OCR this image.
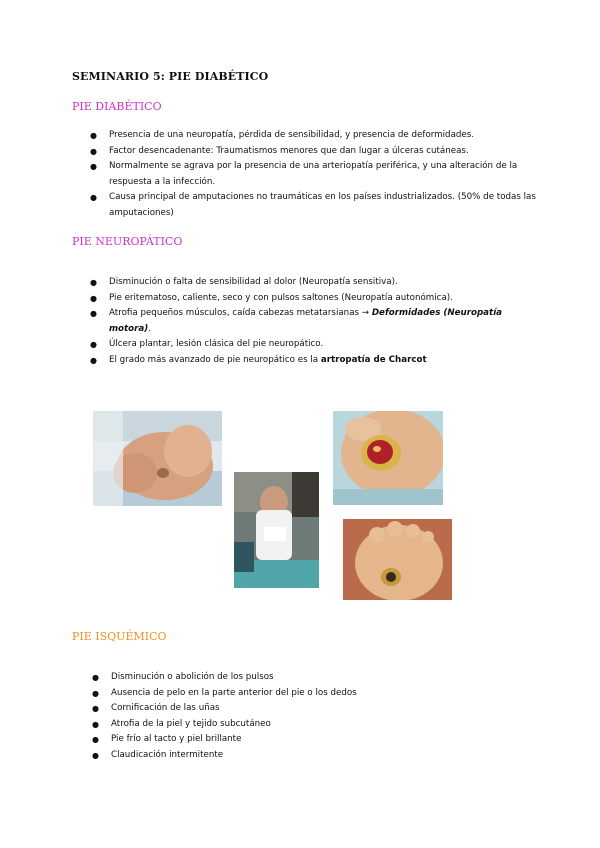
SEMINARIO 5: PIE DIABÉTICO
PIE DIABÉTICO
● Presencia de una neuropatía, pérdida de sensibilidad, y presencia de deformidades.
● Factor desencadenante: Traumatismos menores que dan lugar a úlceras cutáneas.
● Normalmente se agrava por la presencia de una arteriopatía periférica, y una alteración de la respuesta a la infección.
● Causa principal de amputaciones no traumáticas en los países industrializados. (50% de todas las amputaciones)
PIE NEUROPÁTICO
● Disminución o falta de sensibilidad al dolor (Neuropatía sensitiva).
● Pie eritematoso, caliente, seco y con pulsos saltones (Neuropatía autonómica).
● Atrofia pequeños músculos, caída cabezas metatarsianas → Deformidades (Neuropatía motora).
● Úlcera plantar, lesión clásica del pie neuropático.
● El grado más avanzado de pie neuropático es la artropatía de Charcot
PIE ISQUÉMICO
● Disminución o abolición de los pulsos
● Ausencia de pelo en la parte anterior del pie o los dedos
● Cornificación de las uñas
● Atrofia de la piel y tejido subcutáneo
● Pie frío al tacto y piel brillante
● Claudicación intermitente
